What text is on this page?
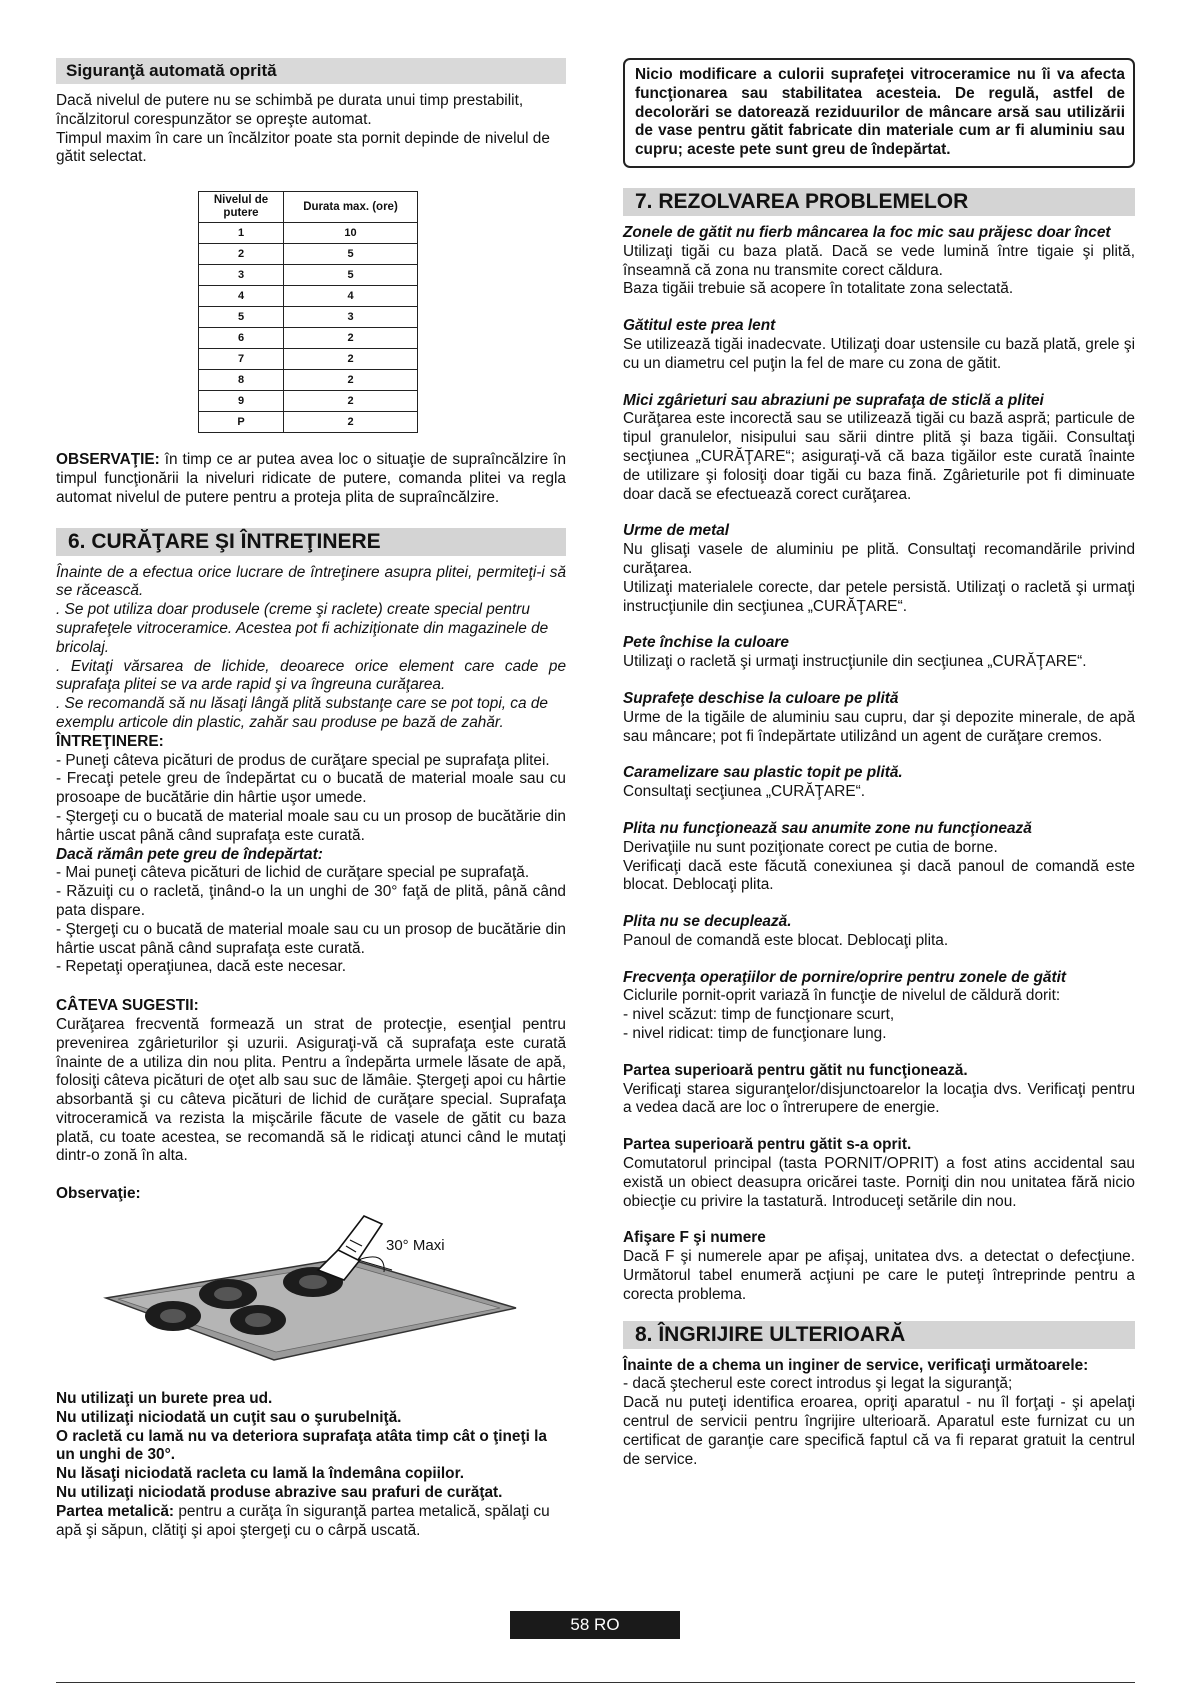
Siguranţă automată oprită

Dacă nivelul de putere nu se schimbă pe durata unui timp prestabilit, încălzitorul corespunzător se opreşte automat.

Timpul maxim în care un încălzitor poate sta pornit depinde de nivelul de gătit selectat.

Nivelul de putere	Durata max. (ore)
1	10
2	5
3	5
4	4
5	3
6	2
7	2
8	2
9	2
P	2

OBSERVAŢIE: în timp ce ar putea avea loc o situaţie de supraîncălzire în timpul funcţionării la niveluri ridicate de putere, comanda plitei va regla automat nivelul de putere pentru a proteja plita de supraîncălzire.

6. CURĂŢARE ŞI ÎNTREŢINERE

Înainte de a efectua orice lucrare de întreţinere asupra plitei, permiteţi-i să se răcească.

. Se pot utiliza doar produsele (creme şi raclete) create special pentru suprafeţele vitroceramice. Acestea pot fi achiziţionate din magazinele de bricolaj.

. Evitaţi vărsarea de lichide, deoarece orice element care cade pe suprafaţa plitei se va arde rapid şi va îngreuna curăţarea.

. Se recomandă să nu lăsaţi lângă plită substanţe care se pot topi, ca de exemplu articole din plastic, zahăr sau produse pe bază de zahăr.

ÎNTREŢINERE:

- Puneţi câteva picături de produs de curăţare special pe suprafaţa plitei.

- Frecaţi petele greu de îndepărtat cu o bucată de material moale sau cu prosoape de bucătărie din hârtie uşor umede.

- Ştergeţi cu o bucată de material moale sau cu un prosop de bucătărie din hârtie uscat până când suprafaţa este curată.

Dacă rămân pete greu de îndepărtat:

- Mai puneţi câteva picături de lichid de curăţare special pe suprafaţă.

- Răzuiţi cu o racletă, ţinând-o la un unghi de 30° faţă de plită, până când pata dispare.

- Ştergeţi cu o bucată de material moale sau cu un prosop de bucătărie din hârtie uscat până când suprafaţa este curată.

- Repetaţi operaţiunea, dacă este necesar.

CÂTEVA SUGESTII:

Curăţarea frecventă formează un strat de protecţie, esenţial pentru prevenirea zgârieturilor şi uzurii. Asiguraţi-vă că suprafaţa este curată înainte de a utiliza din nou plita. Pentru a îndepărta urmele lăsate de apă, folosiţi câteva picături de oţet alb sau suc de lămâie. Ştergeţi apoi cu hârtie absorbantă şi cu câteva picături de lichid de curăţare special. Suprafaţa vitroceramică va rezista la mişcările făcute de vasele de gătit cu baza plată, cu toate acestea, se recomandă să le ridicaţi atunci când le mutaţi dintr-o zonă în alta.

Observaţie:

30° Maxi

Nu utilizaţi un burete prea ud.

Nu utilizaţi niciodată un cuţit sau o şurubelniţă.

O racletă cu lamă nu va deteriora suprafaţa atâta timp cât o ţineţi la un unghi de 30°.

Nu lăsaţi niciodată racleta cu lamă la îndemâna copiilor.

Nu utilizaţi niciodată produse abrazive sau prafuri de curăţat.

Partea metalică: pentru a curăţa în siguranţă partea metalică, spălaţi cu apă şi săpun, clătiţi şi apoi ştergeţi cu o cârpă uscată.

Nicio modificare a culorii suprafeţei vitroceramice nu îi va afecta funcţionarea sau stabilitatea acesteia. De regulă, astfel de decolorări se datorează reziduurilor de mâncare arsă sau utilizării de vase pentru gătit fabricate din materiale cum ar fi aluminiu sau cupru; aceste pete sunt greu de îndepărtat.
7. REZOLVAREA PROBLEMELOR

Zonele de gătit nu fierb mâncarea la foc mic sau prăjesc doar încet

Utilizaţi tigăi cu baza plată. Dacă se vede lumină între tigaie şi plită, înseamnă că zona nu transmite corect căldura.

Baza tigăii trebuie să acopere în totalitate zona selectată.

Gătitul este prea lent

Se utilizează tigăi inadecvate. Utilizaţi doar ustensile cu bază plată, grele şi cu un diametru cel puţin la fel de mare cu zona de gătit.

Mici zgârieturi sau abraziuni pe suprafaţa de sticlă a plitei

Curăţarea este incorectă sau se utilizează tigăi cu bază aspră; particule de tipul granulelor, nisipului sau sării dintre plită şi baza tigăii. Consultaţi secţiunea „CURĂŢARE“; asiguraţi-vă că baza tigăilor este curată înainte de utilizare şi folosiţi doar tigăi cu baza fină. Zgârieturile pot fi diminuate doar dacă se efectuează corect curăţarea.

Urme de metal

Nu glisaţi vasele de aluminiu pe plită. Consultaţi recomandările privind curăţarea.

Utilizaţi materialele corecte, dar petele persistă. Utilizaţi o racletă şi urmaţi instrucţiunile din secţiunea „CURĂŢARE“.

Pete închise la culoare

Utilizaţi o racletă şi urmaţi instrucţiunile din secţiunea „CURĂŢARE“.

Suprafeţe deschise la culoare pe plită

Urme de la tigăile de aluminiu sau cupru, dar şi depozite minerale, de apă sau mâncare; pot fi îndepărtate utilizând un agent de curăţare cremos.

Caramelizare sau plastic topit pe plită.

Consultaţi secţiunea „CURĂŢARE“.

Plita nu funcţionează sau anumite zone nu funcţionează

Derivaţiile nu sunt poziţionate corect pe cutia de borne.

Verificaţi dacă este făcută conexiunea şi dacă panoul de comandă este blocat. Deblocaţi plita.

Plita nu se decuplează.

Panoul de comandă este blocat. Deblocaţi plita.

Frecvenţa operaţiilor de pornire/oprire pentru zonele de gătit

Ciclurile pornit-oprit variază în funcţie de nivelul de căldură dorit:

- nivel scăzut: timp de funcţionare scurt,

- nivel ridicat: timp de funcţionare lung.

Partea superioară pentru gătit nu funcţionează.

Verificaţi starea siguranţelor/disjunctoarelor la locaţia dvs. Verificaţi pentru a vedea dacă are loc o întrerupere de energie.

Partea superioară pentru gătit s-a oprit.

Comutatorul principal (tasta PORNIT/OPRIT) a fost atins accidental sau există un obiect deasupra oricărei taste. Porniţi din nou unitatea fără nicio obiecţie cu privire la tastatură. Introduceţi setările din nou.

Afişare F şi numere

Dacă F şi numerele apar pe afişaj, unitatea dvs. a detectat o defecţiune. Următorul tabel enumeră acţiuni pe care le puteţi întreprinde pentru a corecta problema.

8. ÎNGRIJIRE ULTERIOARĂ

Înainte de a chema un inginer de service, verificaţi următoarele:

- dacă ştecherul este corect introdus şi legat la siguranţă;

Dacă nu puteţi identifica eroarea, opriţi aparatul - nu îl forţaţi - şi apelaţi centrul de servicii pentru îngrijire ulterioară. Aparatul este furnizat cu un certificat de garanţie care specifică faptul că va fi reparat gratuit la centrul de service.

58 RO
